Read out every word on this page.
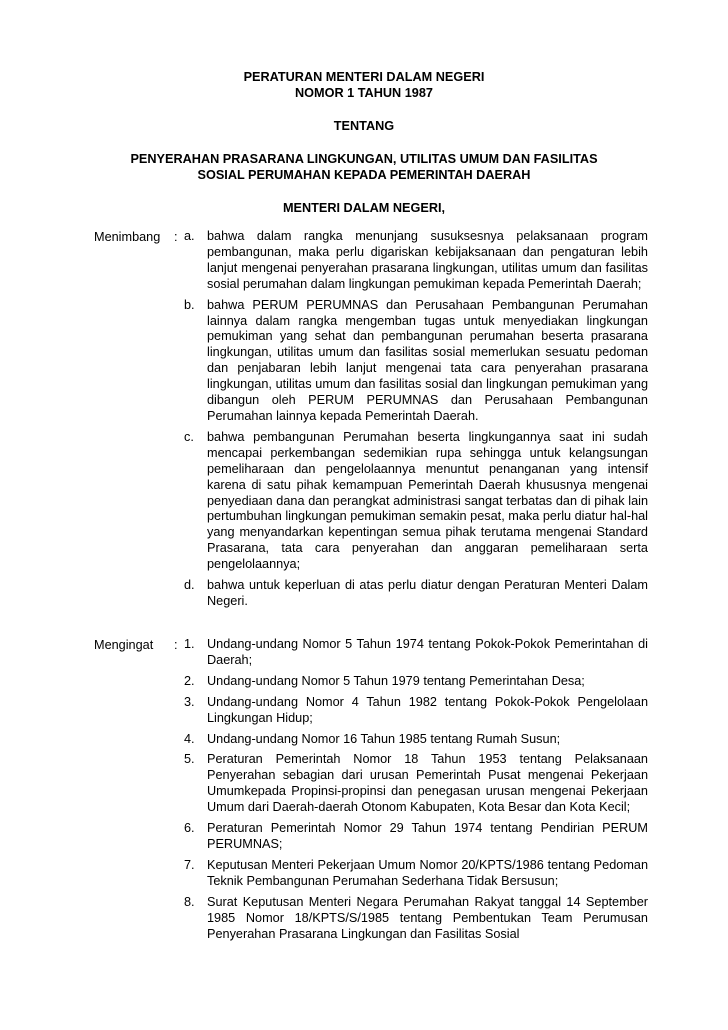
PERATURAN MENTERI DALAM NEGERI
NOMOR 1 TAHUN 1987
TENTANG
PENYERAHAN PRASARANA LINGKUNGAN, UTILITAS UMUM DAN FASILITAS
SOSIAL PERUMAHAN KEPADA PEMERINTAH DAERAH
MENTERI DALAM NEGERI,
Menimbang : a. bahwa dalam rangka menunjang susuksesnya pelaksanaan program pembangunan, maka perlu digariskan kebijaksanaan dan pengaturan lebih lanjut mengenai penyerahan prasarana lingkungan, utilitas umum dan fasilitas sosial perumahan dalam lingkungan pemukiman kepada Pemerintah Daerah;
b. bahwa PERUM PERUMNAS dan Perusahaan Pembangunan Perumahan lainnya dalam rangka mengemban tugas untuk menyediakan lingkungan pemukiman yang sehat dan pembangunan perumahan beserta prasarana lingkungan, utilitas umum dan fasilitas sosial memerlukan sesuatu pedoman dan penjabaran lebih lanjut mengenai tata cara penyerahan prasarana lingkungan, utilitas umum dan fasilitas sosial dan lingkungan pemukiman yang dibangun oleh PERUM PERUMNAS dan Perusahaan Pembangunan Perumahan lainnya kepada Pemerintah Daerah.
c. bahwa pembangunan Perumahan beserta lingkungannya saat ini sudah mencapai perkembangan sedemikian rupa sehingga untuk kelangsungan pemeliharaan dan pengelolaannya menuntut penanganan yang intensif karena di satu pihak kemampuan Pemerintah Daerah khususnya mengenai penyediaan dana dan perangkat administrasi sangat terbatas dan di pihak lain pertumbuhan lingkungan pemukiman semakin pesat, maka perlu diatur hal-hal yang menyandarkan kepentingan semua pihak terutama mengenai Standard Prasarana, tata cara penyerahan dan anggaran pemeliharaan serta pengelolaannya;
d. bahwa untuk keperluan di atas perlu diatur dengan Peraturan Menteri Dalam Negeri.
Mengingat : 1. Undang-undang Nomor 5 Tahun 1974 tentang Pokok-Pokok Pemerintahan di Daerah;
2. Undang-undang Nomor 5 Tahun 1979 tentang Pemerintahan Desa;
3. Undang-undang Nomor 4 Tahun 1982 tentang Pokok-Pokok Pengelolaan Lingkungan Hidup;
4. Undang-undang Nomor 16 Tahun 1985 tentang Rumah Susun;
5. Peraturan Pemerintah Nomor 18 Tahun 1953 tentang Pelaksanaan Penyerahan sebagian dari urusan Pemerintah Pusat mengenai Pekerjaan Umumkepada Propinsi-propinsi dan penegasan urusan mengenai Pekerjaan Umum dari Daerah-daerah Otonom Kabupaten, Kota Besar dan Kota Kecil;
6. Peraturan Pemerintah Nomor 29 Tahun 1974 tentang Pendirian PERUM PERUMNAS;
7. Keputusan Menteri Pekerjaan Umum Nomor 20/KPTS/1986 tentang Pedoman Teknik Pembangunan Perumahan Sederhana Tidak Bersusun;
8. Surat Keputusan Menteri Negara Perumahan Rakyat tanggal 14 September 1985 Nomor 18/KPTS/S/1985 tentang Pembentukan Team Perumusan Penyerahan Prasarana Lingkungan dan Fasilitas Sosial
